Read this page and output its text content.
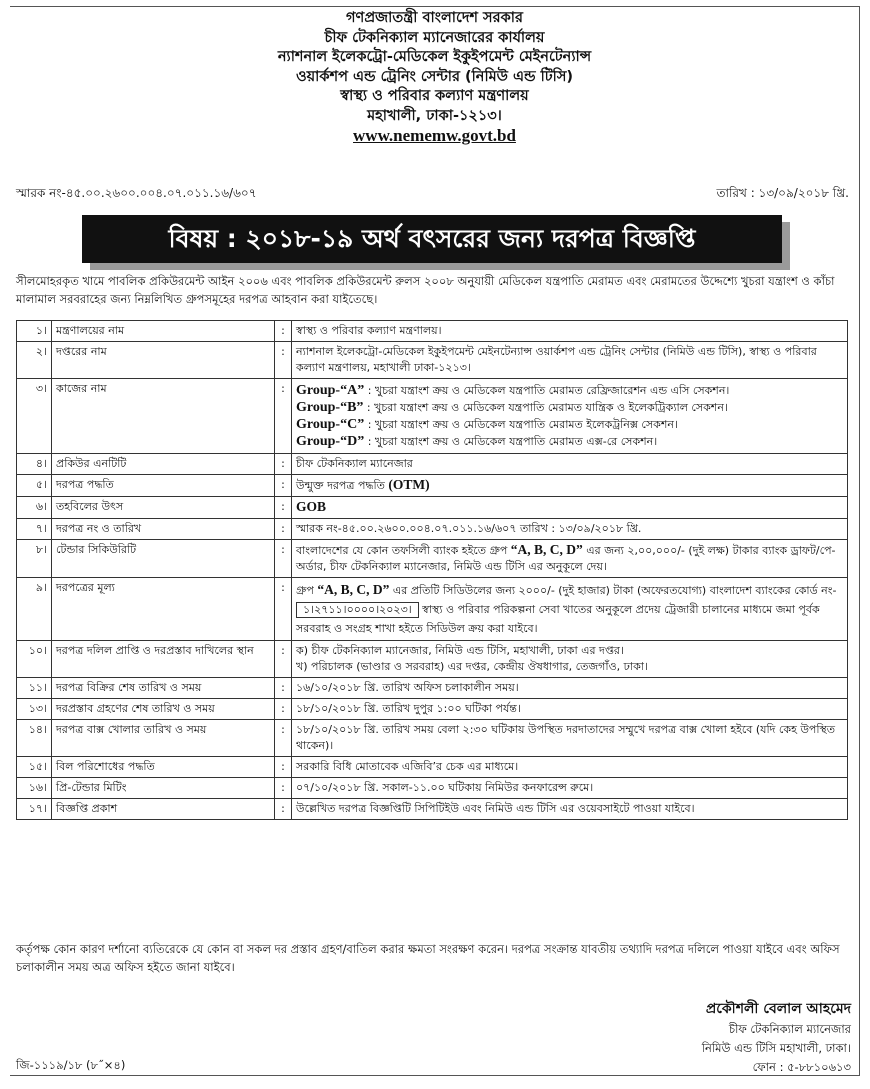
গণপ্রজাতন্ত্রী বাংলাদেশ সরকার
চীফ টেকনিক্যাল ম্যানেজারের কার্যালয়
ন্যাশনাল ইলেকট্রো-মেডিকেল ইকুইপমেন্ট মেইনটেন্যান্স
ওয়ার্কশপ এন্ড ট্রেনিং সেন্টার (নিমিউ এন্ড টিসি)
স্বাস্থ্য ও পরিবার কল্যাণ মন্ত্রণালয়
মহাখালী, ঢাকা-১২১৩।
www.nememw.govt.bd
স্মারক নং-৪৫.০০.২৬০০.০০৪.০৭.০১১.১৬/৬০৭	তারিখ : ১৩/০৯/২০১৮ খ্রি.
বিষয় : ২০১৮-১৯ অর্থ বৎসরের জন্য দরপত্র বিজ্ঞপ্তি
সীলমোহরকৃত খামে পাবলিক প্রকিউরমেন্ট আইন ২০০৬ এবং পাবলিক প্রকিউরমেন্ট রুলস ২০০৮ অনুযায়ী মেডিকেল যন্ত্রপাতি মেরামত এবং মেরামতের উদ্দেশ্যে খুচরা যন্ত্রাংশ ও কাঁচা মালামাল সরবরাহের জন্য নিম্নলিখিত গ্রুপসমূহের দরপত্র আহবান করা যাইতেছে।
১।	মন্ত্রণালয়ের নাম	:	স্বাস্থ্য ও পরিবার কল্যাণ মন্ত্রণালয়।
২।	দপ্তরের নাম	:	ন্যাশনাল ইলেকট্রো-মেডিকেল ইকুইপমেন্ট মেইনটেন্যান্স ওয়ার্কশপ এন্ড ট্রেনিং সেন্টার (নিমিউ এন্ড টিসি), স্বাস্থ্য ও পরিবার কল্যাণ মন্ত্রণালয়, মহাখালী ঢাকা-১২১৩।
৩।	কাজের নাম	:	Group-“A” : খুচরা যন্ত্রাংশ ক্রয় ও মেডিকেল যন্ত্রপাতি মেরামত রেফ্রিজারেশন এন্ড এসি সেকশন।
Group-“B” : খুচরা যন্ত্রাংশ ক্রয় ও মেডিকেল যন্ত্রপাতি মেরামত যান্ত্রিক ও ইলেকট্রিক্যাল সেকশন।
Group-“C” : খুচরা যন্ত্রাংশ ক্রয় ও মেডিকেল যন্ত্রপাতি মেরামত ইলেকট্রনিক্স সেকশন।
Group-“D” : খুচরা যন্ত্রাংশ ক্রয় ও মেডিকেল যন্ত্রপাতি মেরামত এক্স-রে সেকশন।

৪।	প্রকিউর এনটিটি	:	চীফ টেকনিক্যাল ম্যানেজার
৫।	দরপত্র পদ্ধতি	:	উন্মুক্ত দরপত্র পদ্ধতি (OTM)
৬।	তহবিলের উৎস	:	GOB
৭।	দরপত্র নং ও তারিখ	:	স্মারক নং-৪৫.০০.২৬০০.০০৪.০৭.০১১.১৬/৬০৭ তারিখ : ১৩/০৯/২০১৮ খ্রি.
৮।	টেন্ডার সিকিউরিটি	:	বাংলাদেশের যে কোন তফসিলী ব্যাংক হইতে গ্রুপ “A, B, C, D” এর জন্য ২,০০,০০০/- (দুই লক্ষ) টাকার ব্যাংক ড্রাফট/পে-অর্ডার, চীফ টেকনিক্যাল ম্যানেজার, নিমিউ এন্ড টিসি এর অনুকূলে দেয়।
৯।	দরপত্রের মূল্য	:	গ্রুপ “A, B, C, D” এর প্রতিটি সিডিউলের জন্য ২০০০/- (দুই হাজার) টাকা (অফেরতযোগ্য) বাংলাদেশ ব্যাংকের কোর্ড নং-১।২৭১১।০০০০।২০২৩। স্বাস্থ্য ও পরিবার পরিকল্পনা সেবা খাতের অনুকূলে প্রদেয় ট্রেজারী চালানের মাধ্যমে জমা পূর্বক সরবরাহ ও সংগ্রহ শাখা হইতে সিডিউল ক্রয় করা যাইবে।
১০।	দরপত্র দলিল প্রাপ্তি ও দরপ্রস্তাব দাখিলের স্থান	:	ক) চীফ টেকনিক্যাল ম্যানেজার, নিমিউ এন্ড টিসি, মহাখালী, ঢাকা এর দপ্তর।
খ) পরিচালক (ভাণ্ডার ও সরবরাহ) এর দপ্তর, কেন্দ্রীয় ঔষধাগার, তেজগাঁও, ঢাকা।

১১।	দরপত্র বিক্রির শেষ তারিখ ও সময়	:	১৬/১০/২০১৮ খ্রি. তারিখ অফিস চলাকালীন সময়।
১৩।	দরপ্রস্তাব গ্রহণের শেষ তারিখ ও সময়	:	১৮/১০/২০১৮ খ্রি. তারিখ দুপুর ১:০০ ঘটিকা পর্যন্ত।
১৪।	দরপত্র বাক্স খোলার তারিখ ও সময়	:	১৮/১০/২০১৮ খ্রি. তারিখ সময় বেলা ২:৩০ ঘটিকায় উপস্থিত দরদাতাদের সম্মুখে দরপত্র বাক্স খোলা হইবে (যদি কেহ উপস্থিত থাকেন)।
১৫।	বিল পরিশোধের পদ্ধতি	:	সরকারি বিধি মোতাবেক এজিবি’র চেক এর মাধ্যমে।
১৬।	প্রি-টেন্ডার মিটিং	:	০৭/১০/২০১৮ খ্রি. সকাল-১১.০০ ঘটিকায় নিমিউর কনফারেন্স রুমে।
১৭।	বিজ্ঞপ্তি প্রকাশ	:	উল্লেখিত দরপত্র বিজ্ঞপ্তিটি সিপিটিইউ এবং নিমিউ এন্ড টিসি এর ওয়েবসাইটে পাওয়া যাইবে।
কর্তৃপক্ষ কোন কারণ দর্শানো ব্যতিরেকে যে কোন বা সকল দর প্রস্তাব গ্রহণ/বাতিল করার ক্ষমতা সংরক্ষণ করেন। দরপত্র সংক্রান্ত যাবতীয় তথ্যাদি দরপত্র দলিলে পাওয়া যাইবে এবং অফিস চলাকালীন সময় অত্র অফিস হইতে জানা যাইবে।
প্রকৌশলী বেলাল আহমেদ
চীফ টেকনিক্যাল ম্যানেজার
নিমিউ এন্ড টিসি মহাখালী, ঢাকা।
ফোন : ৫-৮৮১০৬১৩
জি-১১১৯/১৮ (৮˝×৪)
